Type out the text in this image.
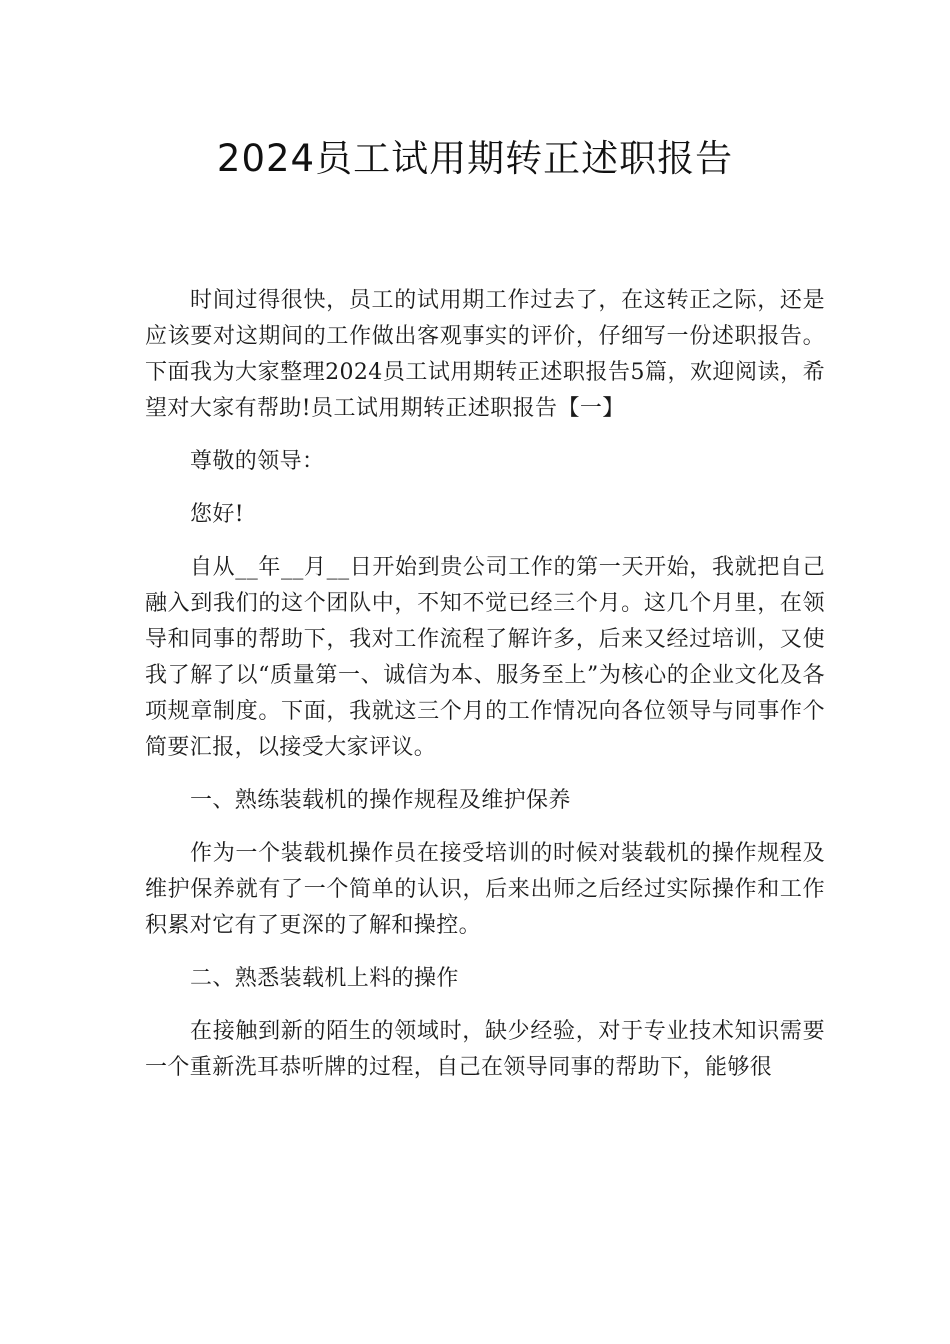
2024员工试用期转正述职报告

时间过得很快，员工的试用期工作过去了，在这转正之际，还是应该要对这期间的工作做出客观事实的评价，仔细写一份述职报告。下面我为大家整理2024员工试用期转正述职报告5篇，欢迎阅读，希望对大家有帮助!员工试用期转正述职报告【一】

尊敬的领导：

您好!

自从__年__月__日开始到贵公司工作的第一天开始，我就把自己融入到我们的这个团队中，不知不觉已经三个月。这几个月里，在领导和同事的帮助下，我对工作流程了解许多，后来又经过培训，又使我了解了以“质量第一、诚信为本、服务至上”为核心的企业文化及各项规章制度。下面，我就这三个月的工作情况向各位领导与同事作个简要汇报，以接受大家评议。

一、熟练装载机的操作规程及维护保养

作为一个装载机操作员在接受培训的时候对装载机的操作规程及维护保养就有了一个简单的认识，后来出师之后经过实际操作和工作积累对它有了更深的了解和操控。

二、熟悉装载机上料的操作

在接触到新的陌生的领域时，缺少经验，对于专业技术知识需要一个重新洗耳恭听牌的过程，自己在领导同事的帮助下，能够很
